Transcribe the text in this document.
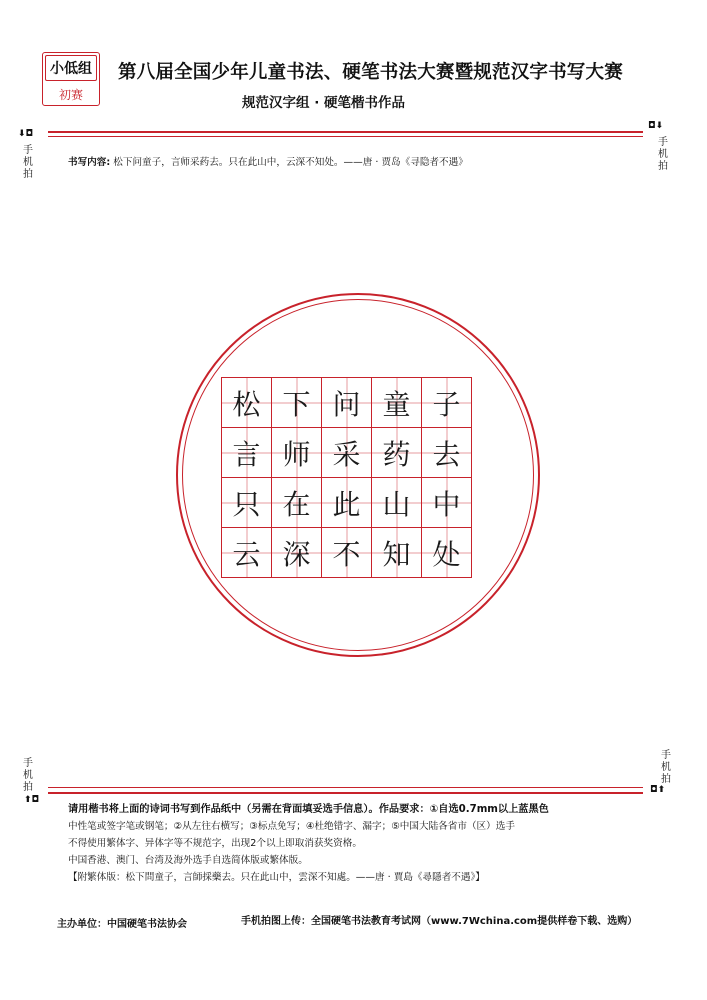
小低组
初赛
第八届全国少年儿童书法、硬笔书法大赛暨规范汉字书写大赛
规范汉字组 · 硬笔楷书作品
⬇◘
手机拍
◘⬇
手机拍
手机拍
⬆◘
手机拍
◘⬆
书写内容: 松下问童子，言师采药去。只在此山中，云深不知处。——唐 · 贾岛《寻隐者不遇》
松 下 问 童 子
言 师 采 药 去
只 在 此 山 中
云 深 不 知 处
请用楷书将上面的诗词书写到作品纸中（另需在背面填妥选手信息）。作品要求：①自选0.7mm以上蓝黑色
中性笔或签字笔或钢笔；②从左往右横写；③标点免写；④杜绝错字、漏字；⑤中国大陆各省市（区）选手
不得使用繁体字、异体字等不规范字，出现2个以上即取消获奖资格。
中国香港、澳门、台湾及海外选手自选简体版或繁体版。
【附繁体版：松下問童子，言師採藥去。只在此山中，雲深不知處。——唐 · 賈島《尋隱者不遇》】
主办单位：中国硬笔书法协会	手机拍图上传：全国硬笔书法教育考试网（www.7Wchina.com提供样卷下载、选购）
